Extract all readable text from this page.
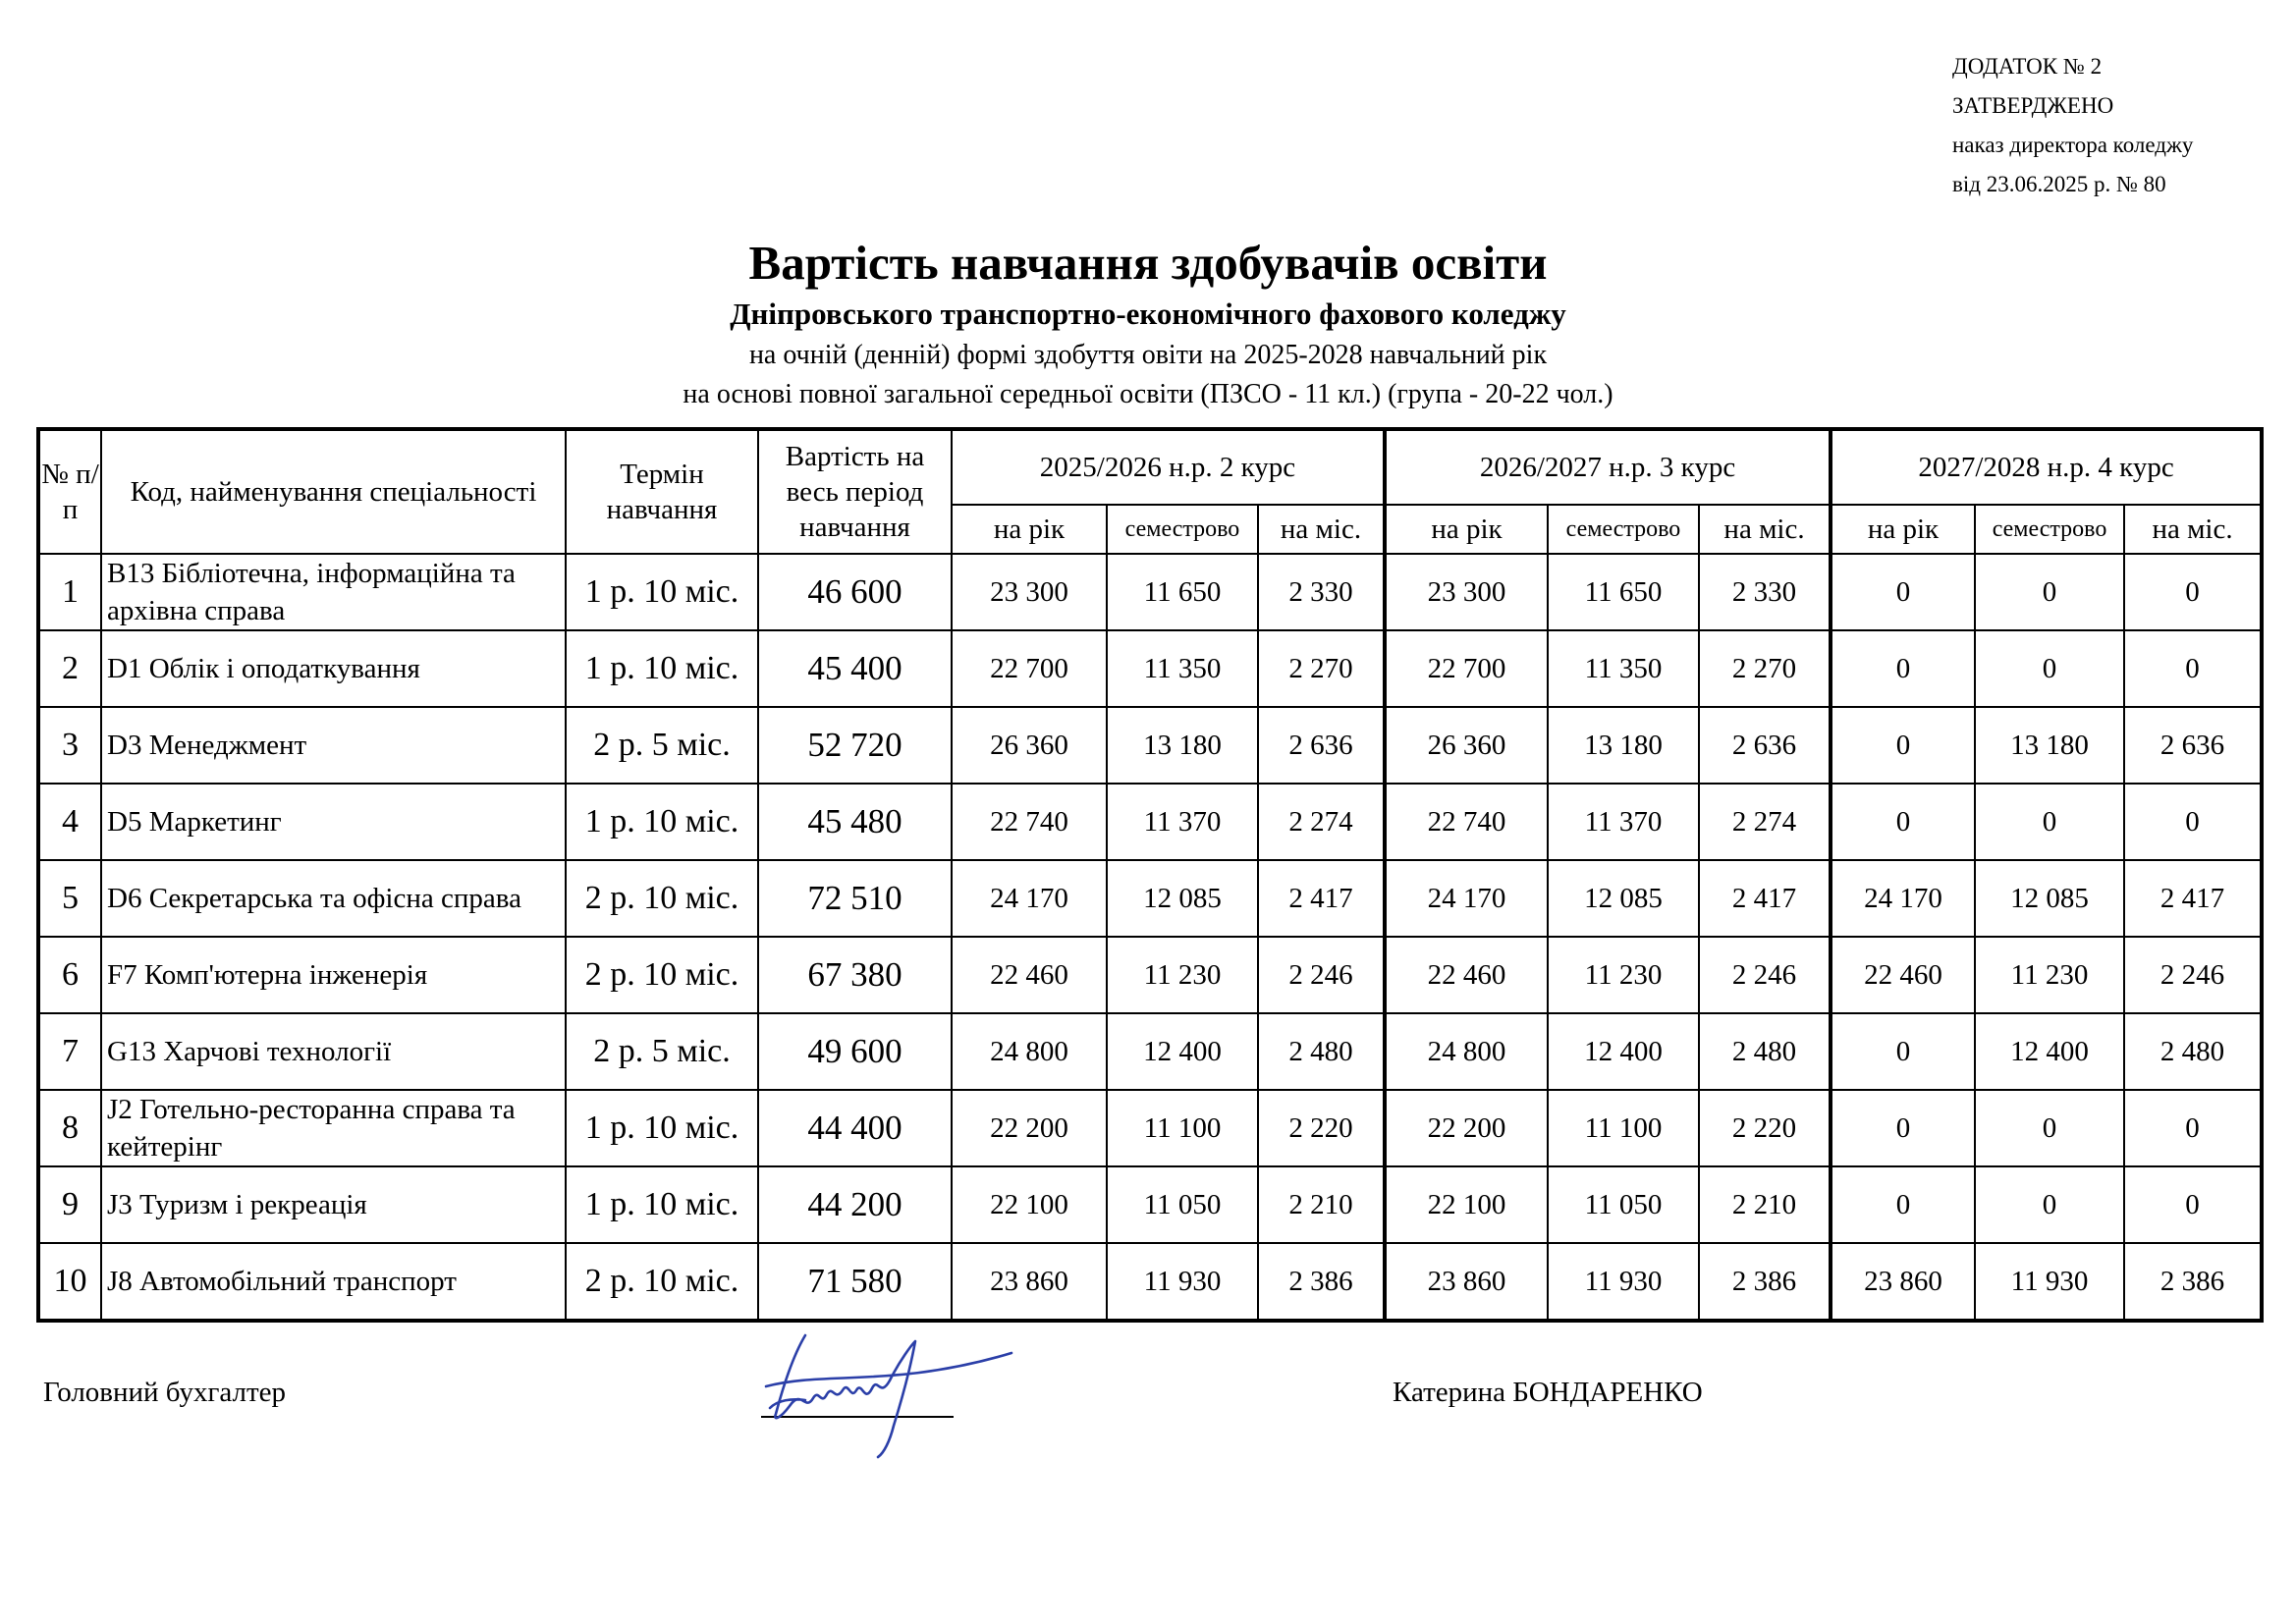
ДОДАТОК № 2
ЗАТВЕРДЖЕНО
наказ директора коледжу
від 23.06.2025 р. № 80
Вартість навчання здобувачів освіти
Дніпровського транспортно-економічного фахового коледжу
на очній (денній) формі здобуття овіти на 2025-2028 навчальний рік
на основі повної загальної середньої освіти (ПЗСО - 11 кл.) (група - 20-22 чол.)
№ п/п	Код, найменування спеціальності	Термін навчання	Вартість на весь період навчання	2025/2026 н.р. 2 курс			2026/2027 н.р. 3 курс			2027/2028 н.р. 4 курс		
				на рік	семестрово	на міс.	на рік	семестрово	на міс.	на рік	семестрово	на міс.
1	B13 Бібліотечна, інформаційна та архівна справа	1 р. 10 міс.	46 600	23 300	11 650	2 330	23 300	11 650	2 330	0	0	0
2	D1 Облік і оподаткування	1 р. 10 міс.	45 400	22 700	11 350	2 270	22 700	11 350	2 270	0	0	0
3	D3 Менеджмент	2 р. 5 міс.	52 720	26 360	13 180	2 636	26 360	13 180	2 636	0	13 180	2 636
4	D5 Маркетинг	1 р. 10 міс.	45 480	22 740	11 370	2 274	22 740	11 370	2 274	0	0	0
5	D6 Секретарська та офісна справа	2 р. 10 міс.	72 510	24 170	12 085	2 417	24 170	12 085	2 417	24 170	12 085	2 417
6	F7 Комп'ютерна інженерія	2 р. 10 міс.	67 380	22 460	11 230	2 246	22 460	11 230	2 246	22 460	11 230	2 246
7	G13 Харчові технології	2 р. 5 міс.	49 600	24 800	12 400	2 480	24 800	12 400	2 480	0	12 400	2 480
8	J2 Готельно-ресторанна справа та кейтерінг	1 р. 10 міс.	44 400	22 200	11 100	2 220	22 200	11 100	2 220	0	0	0
9	J3 Туризм і рекреація	1 р. 10 міс.	44 200	22 100	11 050	2 210	22 100	11 050	2 210	0	0	0
10	J8 Автомобільний транспорт	2 р. 10 міс.	71 580	23 860	11 930	2 386	23 860	11 930	2 386	23 860	11 930	2 386
Головний бухгалтер	Катерина БОНДАРЕНКО
